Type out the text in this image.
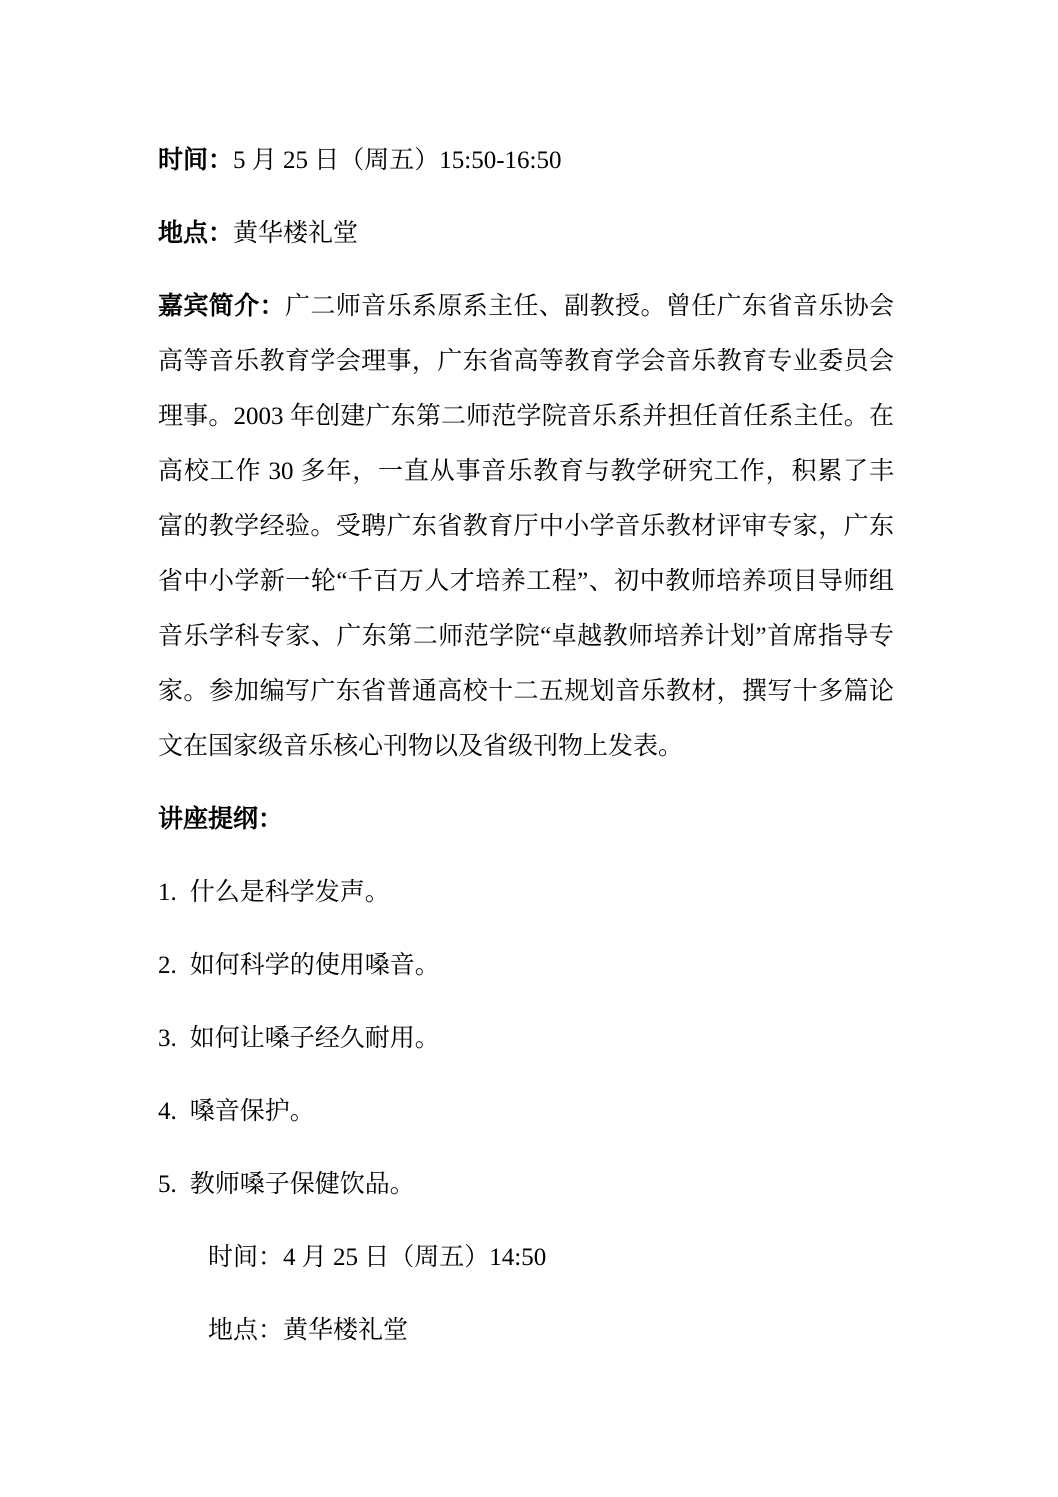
时间：5 月 25 日（周五）15:50-16:50

地点：黄华楼礼堂

嘉宾简介：广二师音乐系原系主任、副教授。曾任广东省音乐协会高等音乐教育学会理事，广东省高等教育学会音乐教育专业委员会理事。2003 年创建广东第二师范学院音乐系并担任首任系主任。在高校工作 30 多年，一直从事音乐教育与教学研究工作，积累了丰富的教学经验。受聘广东省教育厅中小学音乐教材评审专家，广东省中小学新一轮“千百万人才培养工程”、初中教师培养项目导师组音乐学科专家、广东第二师范学院“卓越教师培养计划”首席指导专家。参加编写广东省普通高校十二五规划音乐教材，撰写十多篇论文在国家级音乐核心刊物以及省级刊物上发表。

讲座提纲：

1. 什么是科学发声。

2. 如何科学的使用嗓音。

3. 如何让嗓子经久耐用。

4. 嗓音保护。

5. 教师嗓子保健饮品。

时间：4 月 25 日（周五）14:50

地点：黄华楼礼堂
